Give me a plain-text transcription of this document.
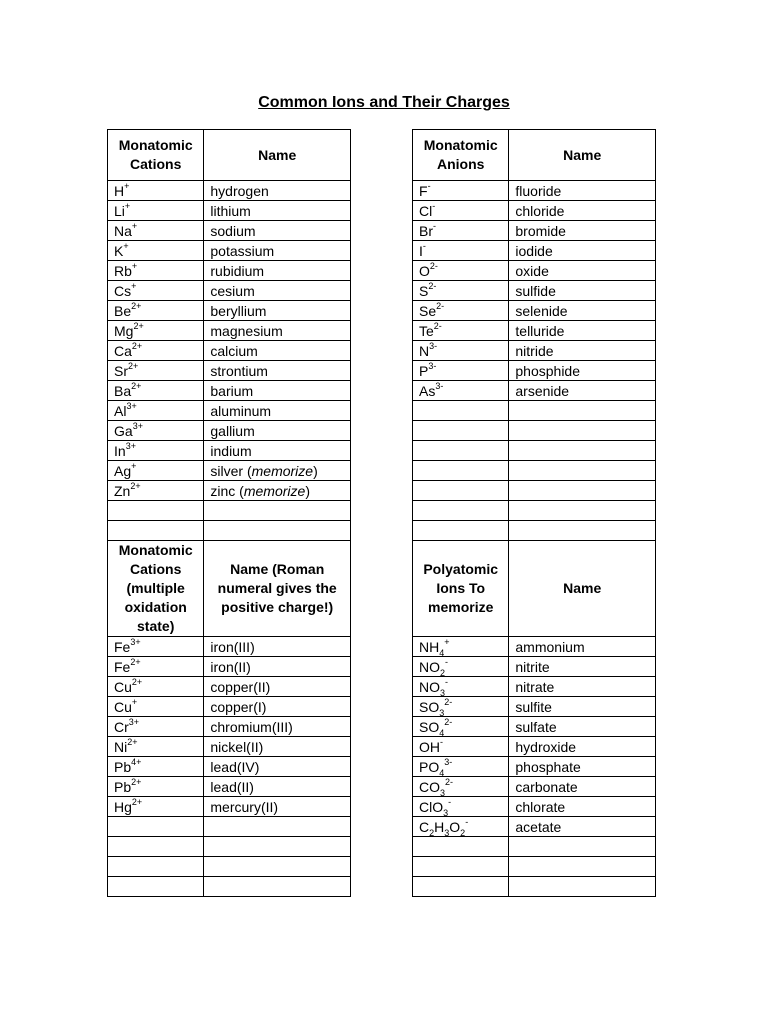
Common Ions and Their Charges
Monatomic Cations	Name
H+	hydrogen
Li+	lithium
Na+	sodium
K+	potassium
Rb+	rubidium
Cs+	cesium
$Be^{2+}$	beryllium
$Mg^{2+}$	magnesium
$Ca^{2+}$	calcium
$Sr^{2+}$	strontium
$Ba^{2+}$	barium
$Al^{3+}$	aluminum
$Ga^{3+}$	gallium
$In^{3+}$	indium
Ag+	silver (memorize)
$Zn^{2+}$	zinc (memorize)

Monatomic Cations (multiple oxidation state)	Name (Roman numeral gives the positive charge!)
$Fe^{3+}$	iron(III)
$Fe^{2+}$	iron(II)
$Cu^{2+}$	copper(II)
Cu+	copper(I)
$Cr^{3+}$	chromium(III)
$Ni^{2+}$	nickel(II)
$Pb^{4+}$	lead(IV)
$Pb^{2+}$	lead(II)
$Hg^{2+}$	mercury(II)

Monatomic Anions	Name
F-	fluoride
Cl-	chloride
Br-	bromide
I-	iodide
$O^{2-}$	oxide
$S^{2-}$	sulfide
$Se^{2-}$	selenide
$Te^{2-}$	telluride
$N^{3-}$	nitride
$P^{3-}$	phosphide
$As^{3-}$	arsenide

Polyatomic Ions To memorize	Name
$NH_4^+$	ammonium
$NO_2^-$	nitrite
$NO_3^-$	nitrate
$SO_3^{2-}$	sulfite
$SO_4^{2-}$	sulfate
OH-	hydroxide
$PO_4^{3-}$	phosphate
$CO_3^{2-}$	carbonate
ClO$_3$-	chlorate
$C_2H_3O_2^-$	acetate
